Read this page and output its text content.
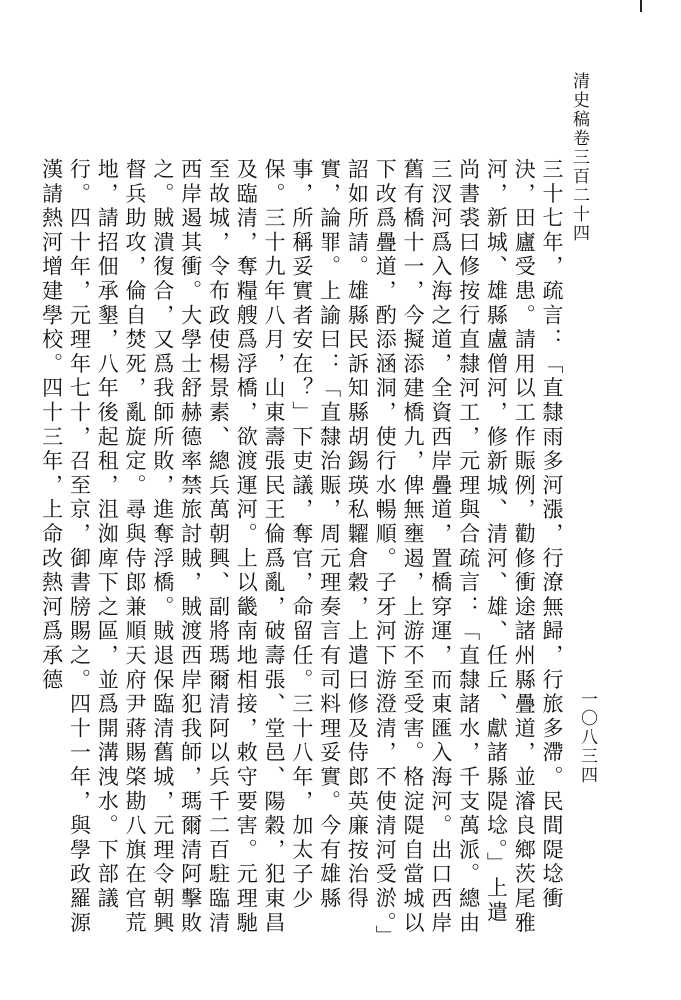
清史稿卷三百二十四
一〇八三四

三十七年，疏言：「直隸雨多河漲，行潦無歸，行旅多滯。民間隄埝衝決，田廬受患。請用以工作賑例，勸修衝途諸州縣疊道，並濬良鄉茨尾雅河，新城、雄縣盧僧河，修新城、清河、雄、任丘、獻諸縣隄埝。」上遣尚書裘曰修按行直隸河工，元理與合疏言：「直隸諸水，千支萬派。總由三汊河爲入海之道，全資西岸疊道，置橋穿運，而東匯入海河。出口西岸舊有橋十一，今擬添建橋九，俾無壅遏，上游不至受害。格淀隄自當城以下改爲疊道，酌添涵洞，使行水暢順。子牙河下游澄清，不使清河受淤。」詔如所請。雄縣民訴知縣胡錫瑛私糶倉穀，上遣曰修及侍郎英廉按治得實，論罪。上諭曰：「直隸治賑，周元理奏言有司料理妥實。今有雄縣事，所稱妥實者安在？」下吏議，奪官，命留任。三十八年，加太子少保。三十九年八月，山東壽張民王倫爲亂，破壽張、堂邑、陽穀，犯東昌及臨清，奪糧艘爲浮橋，欲渡運河。上以畿南地相接，敕守要害。元理馳至故城，令布政使楊景素、總兵萬朝興、副將瑪爾清阿以兵千二百駐臨清西岸遏其衝。大學士舒赫德率禁旅討賊，賊渡西岸犯我師，瑪爾清阿擊敗之。賊潰復合，又爲我師所敗，進奪浮橋。賊退保臨清舊城，元理令朝興督兵助攻，倫自焚死，亂旋定。尋與侍郎兼順天府尹蔣賜棨勘八旗在官荒地，請招佃承墾，八年後起租，沮洳庳下之區，並爲開溝洩水。下部議行。四十年，元理年七十，召至京，御書牓賜之。四十一年，與學政羅源漢請熱河增建學校。四十三年，上命改熱河爲承德
